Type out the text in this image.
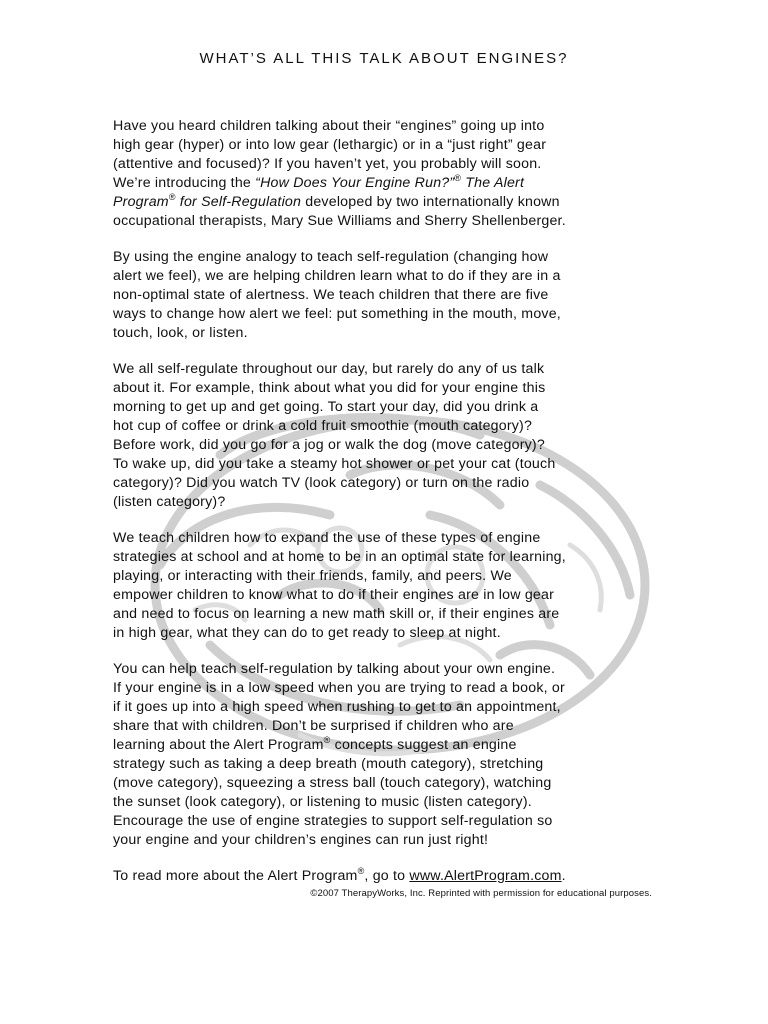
WHAT’S ALL THIS TALK ABOUT ENGINES?

Have you heard children talking about their “engines” going up into
high gear (hyper) or into low gear (lethargic) or in a “just right” gear
(attentive and focused)? If you haven’t yet, you probably will soon.
We’re introducing the “How Does Your Engine Run?”® The Alert
Program® for Self-Regulation developed by two internationally known
occupational therapists, Mary Sue Williams and Sherry Shellenberger.

By using the engine analogy to teach self-regulation (changing how
alert we feel), we are helping children learn what to do if they are in a
non-optimal state of alertness. We teach children that there are five
ways to change how alert we feel: put something in the mouth, move,
touch, look, or listen.

We all self-regulate throughout our day, but rarely do any of us talk
about it. For example, think about what you did for your engine this
morning to get up and get going. To start your day, did you drink a
hot cup of coffee or drink a cold fruit smoothie (mouth category)?
Before work, did you go for a jog or walk the dog (move category)?
To wake up, did you take a steamy hot shower or pet your cat (touch
category)? Did you watch TV (look category) or turn on the radio
(listen category)?

We teach children how to expand the use of these types of engine
strategies at school and at home to be in an optimal state for learning,
playing, or interacting with their friends, family, and peers. We
empower children to know what to do if their engines are in low gear
and need to focus on learning a new math skill or, if their engines are
in high gear, what they can do to get ready to sleep at night.

You can help teach self-regulation by talking about your own engine.
If your engine is in a low speed when you are trying to read a book, or
if it goes up into a high speed when rushing to get to an appointment,
share that with children. Don’t be surprised if children who are
learning about the Alert Program® concepts suggest an engine
strategy such as taking a deep breath (mouth category), stretching
(move category), squeezing a stress ball (touch category), watching
the sunset (look category), or listening to music (listen category).
Encourage the use of engine strategies to support self-regulation so
your engine and your children’s engines can run just right!

To read more about the Alert Program®, go to www.AlertProgram.com.

©2007 TherapyWorks, Inc. Reprinted with permission for educational purposes.
